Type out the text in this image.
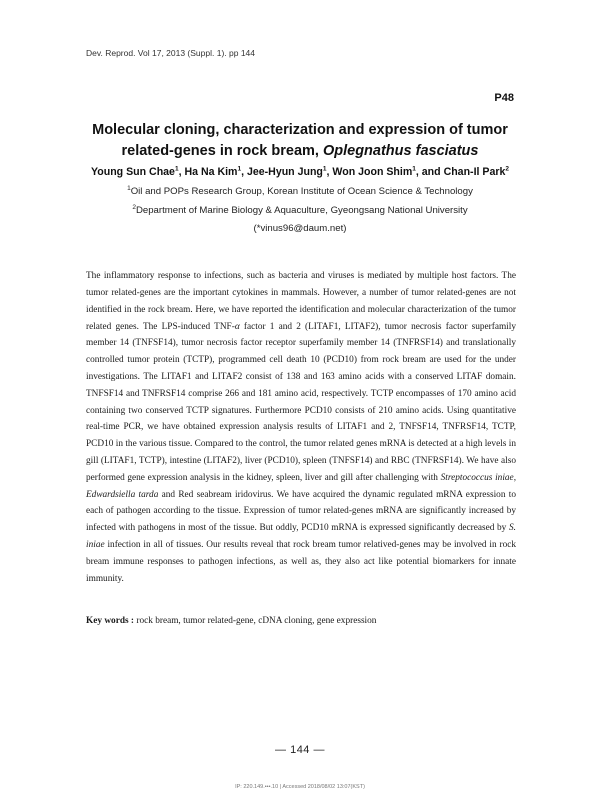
Dev. Reprod. Vol 17, 2013 (Suppl. 1). pp 144
P48
Molecular cloning, characterization and expression of tumor related-genes in rock bream, Oplegnathus fasciatus
Young Sun Chae$^1$, Ha Na Kim$^1$, Jee-Hyun Jung$^1$, Won Joon Shim$^1$, and Chan-Il Park$^2$
$^1$Oil and POPs Research Group, Korean Institute of Ocean Science & Technology
$^2$Department of Marine Biology & Aquaculture, Gyeongsang National University
(*vinus96@daum.net)

The inflammatory response to infections, such as bacteria and viruses is mediated by multiple host factors. The tumor related-genes are the important cytokines in mammals. However, a number of tumor related-genes are not identified in the rock bream. Here, we have reported the identification and molecular characterization of the tumor related genes. The LPS-induced TNF-α factor 1 and 2 (LITAF1, LITAF2), tumor necrosis factor superfamily member 14 (TNFSF14), tumor necrosis factor receptor superfamily member 14 (TNFRSF14) and translationally controlled tumor protein (TCTP), programmed cell death 10 (PCD10) from rock bream are used for the under investigations. The LITAF1 and LITAF2 consist of 138 and 163 amino acids with a conserved LITAF domain. TNFSF14 and TNFRSF14 comprise 266 and 181 amino acid, respectively. TCTP encompasses of 170 amino acid containing two conserved TCTP signatures. Furthermore PCD10 consists of 210 amino acids. Using quantitative real-time PCR, we have obtained expression analysis results of LITAF1 and 2, TNFSF14, TNFRSF14, TCTP, PCD10 in the various tissue. Compared to the control, the tumor related genes mRNA is detected at a high levels in gill (LITAF1, TCTP), intestine (LITAF2), liver (PCD10), spleen (TNFSF14) and RBC (TNFRSF14). We have also performed gene expression analysis in the kidney, spleen, liver and gill after challenging with Streptococcus iniae, Edwardsiella tarda and Red seabream iridovirus. We have acquired the dynamic regulated mRNA expression to each of pathogen according to the tissue. Expression of tumor related-genes mRNA are significantly increased by infected with pathogens in most of the tissue. But oddly, PCD10 mRNA is expressed significantly decreased by S. iniae infection in all of tissues. Our results reveal that rock bream tumor relatived-genes may be involved in rock bream immune responses to pathogen infections, as well as, they also act like potential biomarkers for innate immunity.

Key words : rock bream, tumor related-gene, cDNA cloning, gene expression
― 144 ―
IP: 220.149.•••.10 | Accessed 2018/08/02 13:07(KST)
